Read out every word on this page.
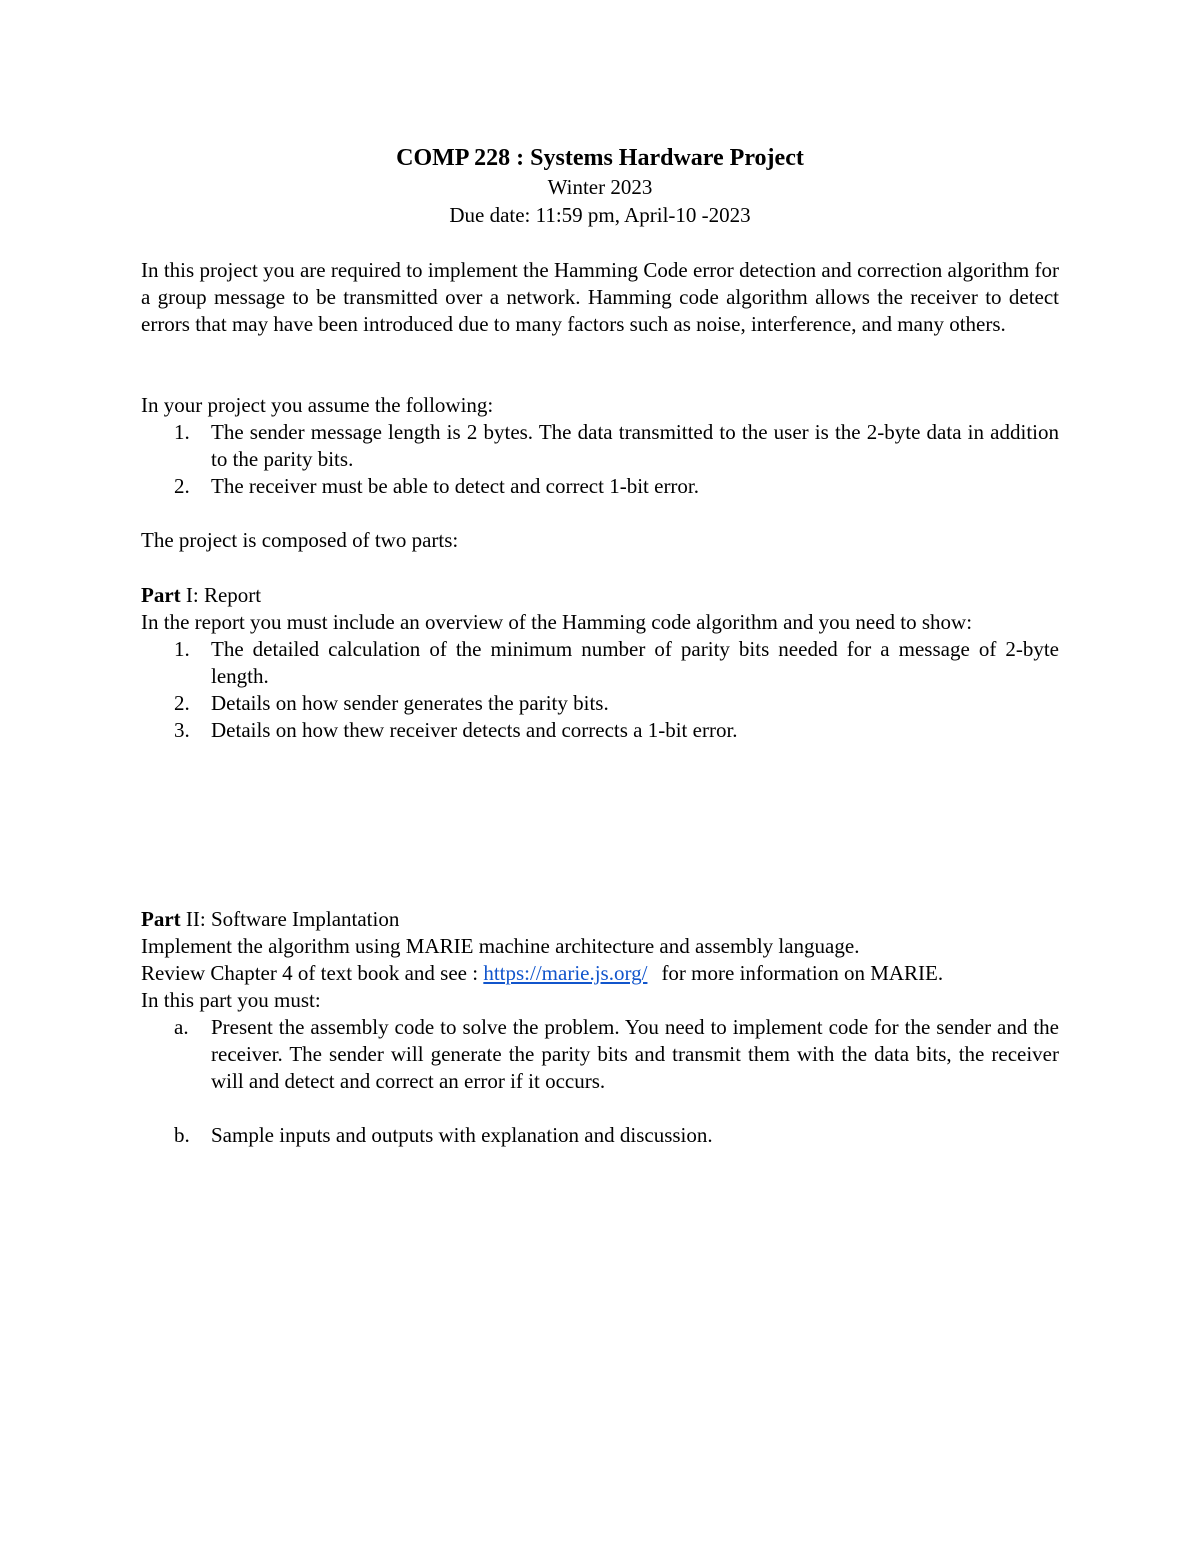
COMP 228 : Systems Hardware Project
Winter 2023
Due date: 11:59 pm, April-10 -2023

In this project you are required to implement the Hamming Code error detection and correction algorithm for a group message to be transmitted over a network. Hamming code algorithm allows the receiver to detect errors that may have been introduced due to many factors such as noise, interference, and many others.

In your project you assume the following:

1. The sender message length is 2 bytes. The data transmitted to the user is the 2-byte data in addition to the parity bits.
2. The receiver must be able to detect and correct 1-bit error.

The project is composed of two parts:

Part I: Report

In the report you must include an overview of the Hamming code algorithm and you need to show:

1. The detailed calculation of the minimum number of parity bits needed for a message of 2-byte length.
2. Details on how sender generates the parity bits.
3. Details on how thew receiver detects and corrects a 1-bit error.

Part II: Software Implantation

Implement the algorithm using MARIE machine architecture and assembly language.

Review Chapter 4 of text book and see : https://marie.js.org/ for more information on MARIE.

In this part you must:

a. Present the assembly code to solve the problem. You need to implement code for the sender and the receiver. The sender will generate the parity bits and transmit them with the data bits, the receiver will and detect and correct an error if it occurs.
b. Sample inputs and outputs with explanation and discussion.
